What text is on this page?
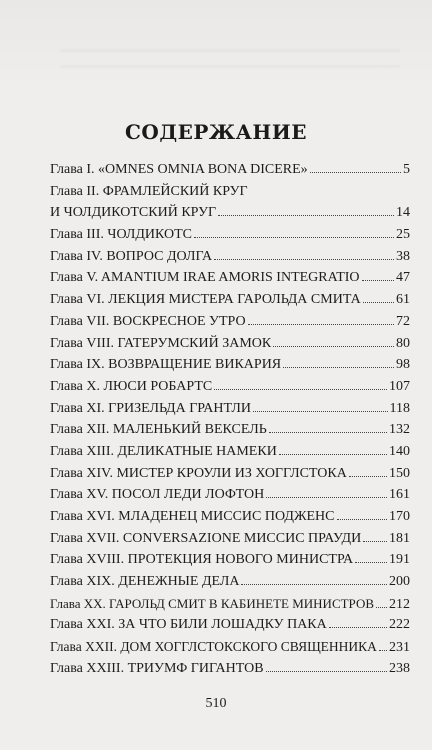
СОДЕРЖАНИЕ
Глава I. «OMNES OMNIA BONA DICERE»	5
Глава II. ФРАМЛЕЙСКИЙ КРУГ
И ЧОЛДИКОТСКИЙ КРУГ	14
Глава III. ЧОЛДИКОТС	25
Глава IV. ВОПРОС ДОЛГА	38
Глава V. AMANTIUM IRAE AMORIS INTEGRATIO	47
Глава VI. ЛЕКЦИЯ МИСТЕРА ГАРОЛЬДА СМИТА	61
Глава VII. ВОСКРЕСНОЕ УТРО	72
Глава VIII. ГАТЕРУМСКИЙ ЗАМОК	80
Глава IX. ВОЗВРАЩЕНИЕ ВИКАРИЯ	98
Глава X. ЛЮСИ РОБАРТС	107
Глава XI. ГРИЗЕЛЬДА ГРАНТЛИ	118
Глава XII. МАЛЕНЬКИЙ ВЕКСЕЛЬ	132
Глава XIII. ДЕЛИКАТНЫЕ НАМЕКИ	140
Глава XIV. МИСТЕР КРОУЛИ ИЗ ХОГГЛСТОКА	150
Глава XV. ПОСОЛ ЛЕДИ ЛОФТОН	161
Глава XVI. МЛАДЕНЕЦ МИССИС ПОДЖЕНС	170
Глава XVII. CONVERSAZIONE МИССИС ПРАУДИ 181
Глава XVIII. ПРОТЕКЦИЯ НОВОГО МИНИСТРА	191
Глава XIX. ДЕНЕЖНЫЕ ДЕЛА	200
Глава XX. ГАРОЛЬД СМИТ В КАБИНЕТЕ МИНИСТРОВ 212
Глава XXI. ЗА ЧТО БИЛИ ЛОШАДКУ ПАКА	222
Глава XXII. ДОМ ХОГГЛСТОКСКОГО СВЯЩЕННИКА 231
Глава XXIII. ТРИУМФ ГИГАНТОВ	238
510
